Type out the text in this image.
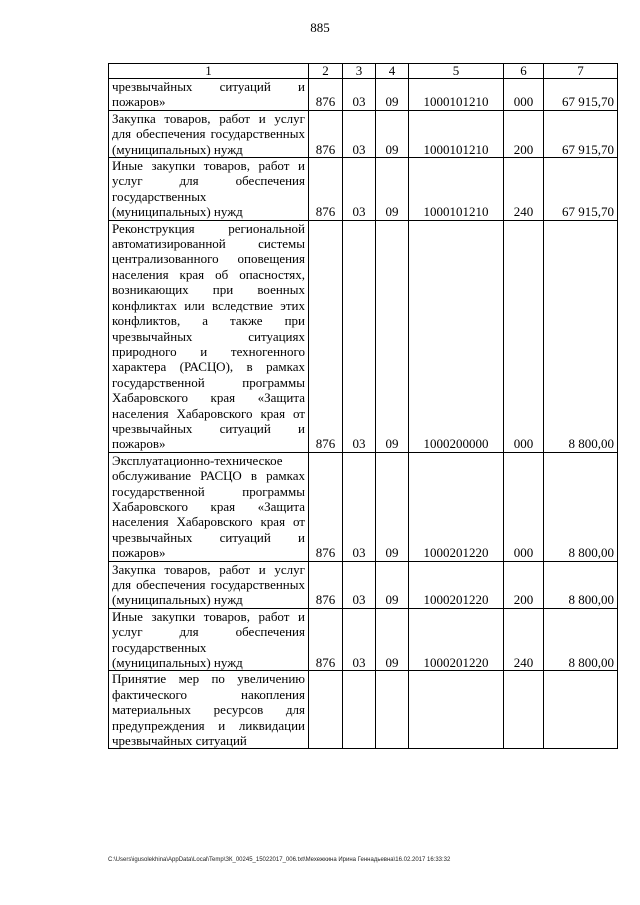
885
1	2	3	4	5	6	7
чрезвычайных ситуаций и пожаров»	876	03	09	1000101210	000	67 915,70
Закупка товаров, работ и услуг для обеспечения государственных (муниципальных) нужд	876	03	09	1000101210	200	67 915,70
Иные закупки товаров, работ и услуг для обеспечения государственных (муниципальных) нужд	876	03	09	1000101210	240	67 915,70
Реконструкция региональной автоматизированной системы централизованного оповещения населения края об опасностях, возникающих при военных конфликтах или вследствие этих конфликтов, а также при чрезвычайных ситуациях природного и техногенного характера (РАСЦО), в рамках государственной программы Хабаровского края «Защита населения Хабаровского края от чрезвычайных ситуаций и пожаров»	876	03	09	1000200000	000	8 800,00
Эксплуатационно-техническое обслуживание РАСЦО в рамках государственной программы Хабаровского края «Защита населения Хабаровского края от чрезвычайных ситуаций и пожаров»	876	03	09	1000201220	000	8 800,00
Закупка товаров, работ и услуг для обеспечения государственных (муниципальных) нужд	876	03	09	1000201220	200	8 800,00
Иные закупки товаров, работ и услуг для обеспечения государственных (муниципальных) нужд	876	03	09	1000201220	240	8 800,00
Принятие мер по увеличению фактического накопления материальных ресурсов для предупреждения и ликвидации чрезвычайных ситуаций						
C:\Users\igusolekhina\AppData\Local\Temp\ЗК_00245_15022017_006.txt\Мехежкина Ирина Геннадьевна\16.02.2017 16:33:32
